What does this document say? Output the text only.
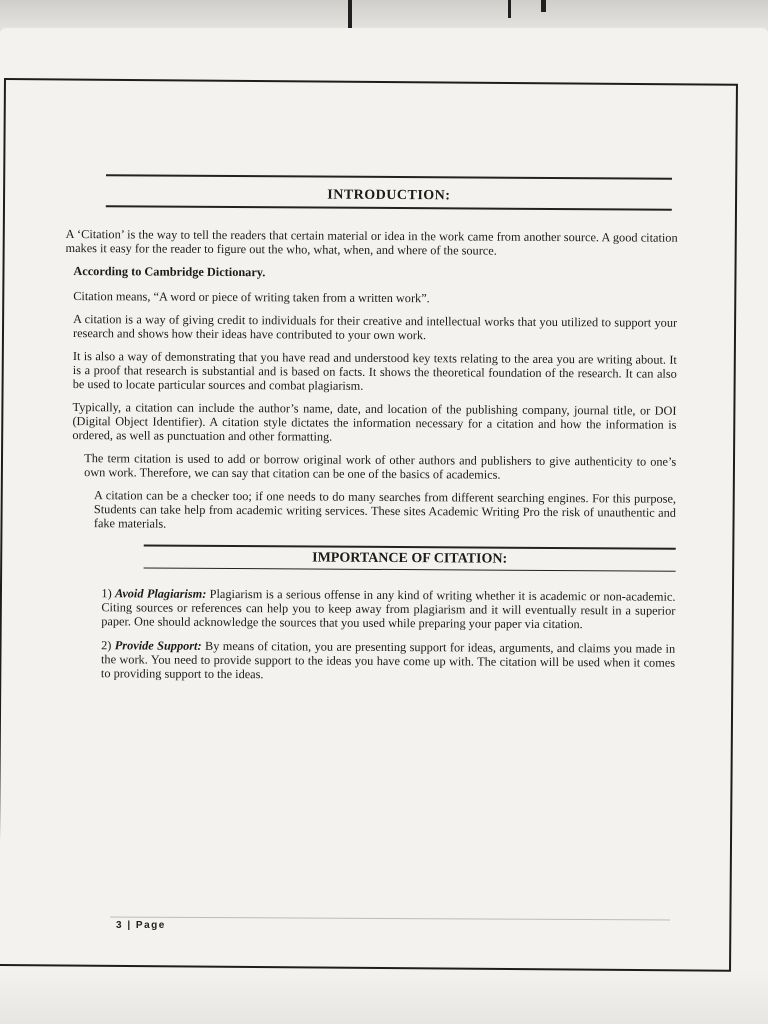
INTRODUCTION:

A ‘Citation’ is the way to tell the readers that certain material or idea in the work came from another source. A good citation makes it easy for the reader to figure out the who, what, when, and where of the source.

According to Cambridge Dictionary.

Citation means, “A word or piece of writing taken from a written work”.

A citation is a way of giving credit to individuals for their creative and intellectual works that you utilized to support your research and shows how their ideas have contributed to your own work.

It is also a way of demonstrating that you have read and understood key texts relating to the area you are writing about. It is a proof that research is substantial and is based on facts. It shows the theoretical foundation of the research. It can also be used to locate particular sources and combat plagiarism.

Typically, a citation can include the author’s name, date, and location of the publishing company, journal title, or DOI (Digital Object Identifier). A citation style dictates the information necessary for a citation and how the information is ordered, as well as punctuation and other formatting.

The term citation is used to add or borrow original work of other authors and publishers to give authenticity to one’s own work. Therefore, we can say that citation can be one of the basics of academics.

A citation can be a checker too; if one needs to do many searches from different searching engines. For this purpose, Students can take help from academic writing services. These sites Academic Writing Pro the risk of unauthentic and fake materials.

IMPORTANCE OF CITATION:

1) Avoid Plagiarism: Plagiarism is a serious offense in any kind of writing whether it is academic or non-academic. Citing sources or references can help you to keep away from plagiarism and it will eventually result in a superior paper. One should acknowledge the sources that you used while preparing your paper via citation.

2) Provide Support: By means of citation, you are presenting support for ideas, arguments, and claims you made in the work. You need to provide support to the ideas you have come up with. The citation will be used when it comes to providing support to the ideas.

3 | Page
